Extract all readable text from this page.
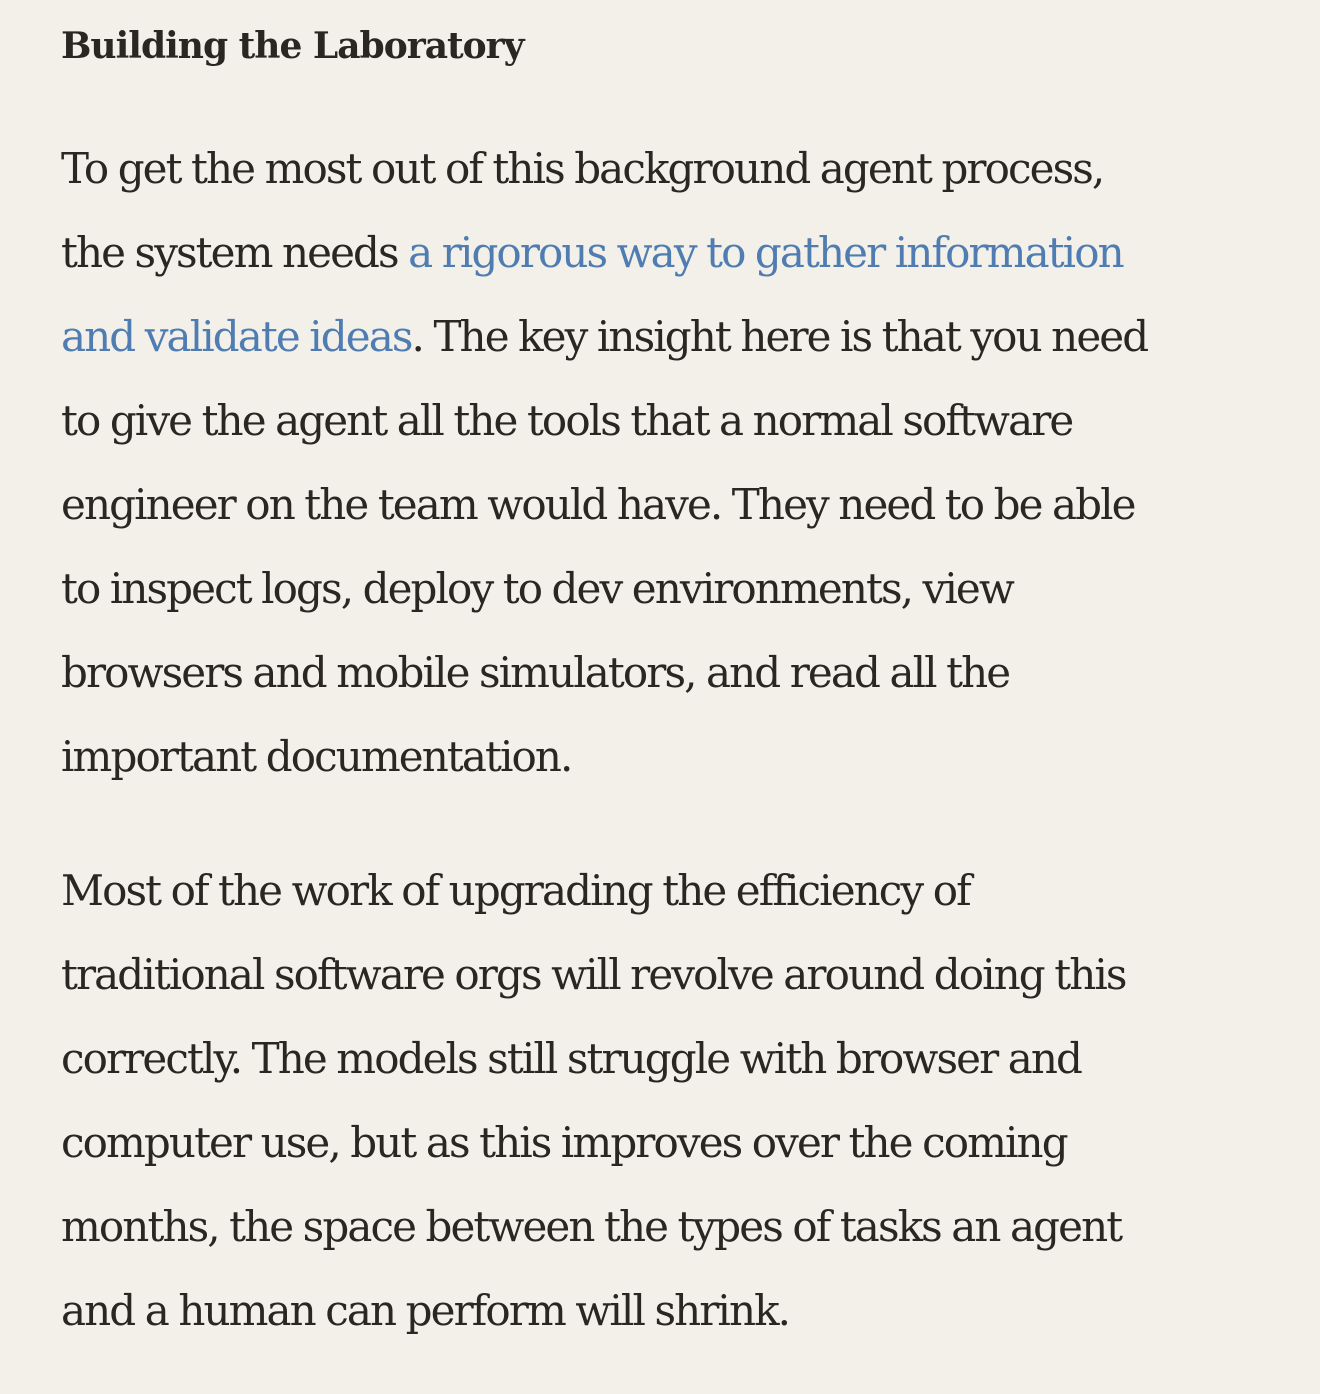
Building the Laboratory

To get the most out of this background agent process,
the system needs a rigorous way to gather information
and validate ideas. The key insight here is that you need
to give the agent all the tools that a normal software
engineer on the team would have. They need to be able
to inspect logs, deploy to dev environments, view
browsers and mobile simulators, and read all the
important documentation.

Most of the work of upgrading the efficiency of
traditional software orgs will revolve around doing this
correctly. The models still struggle with browser and
computer use, but as this improves over the coming
months, the space between the types of tasks an agent
and a human can perform will shrink.
